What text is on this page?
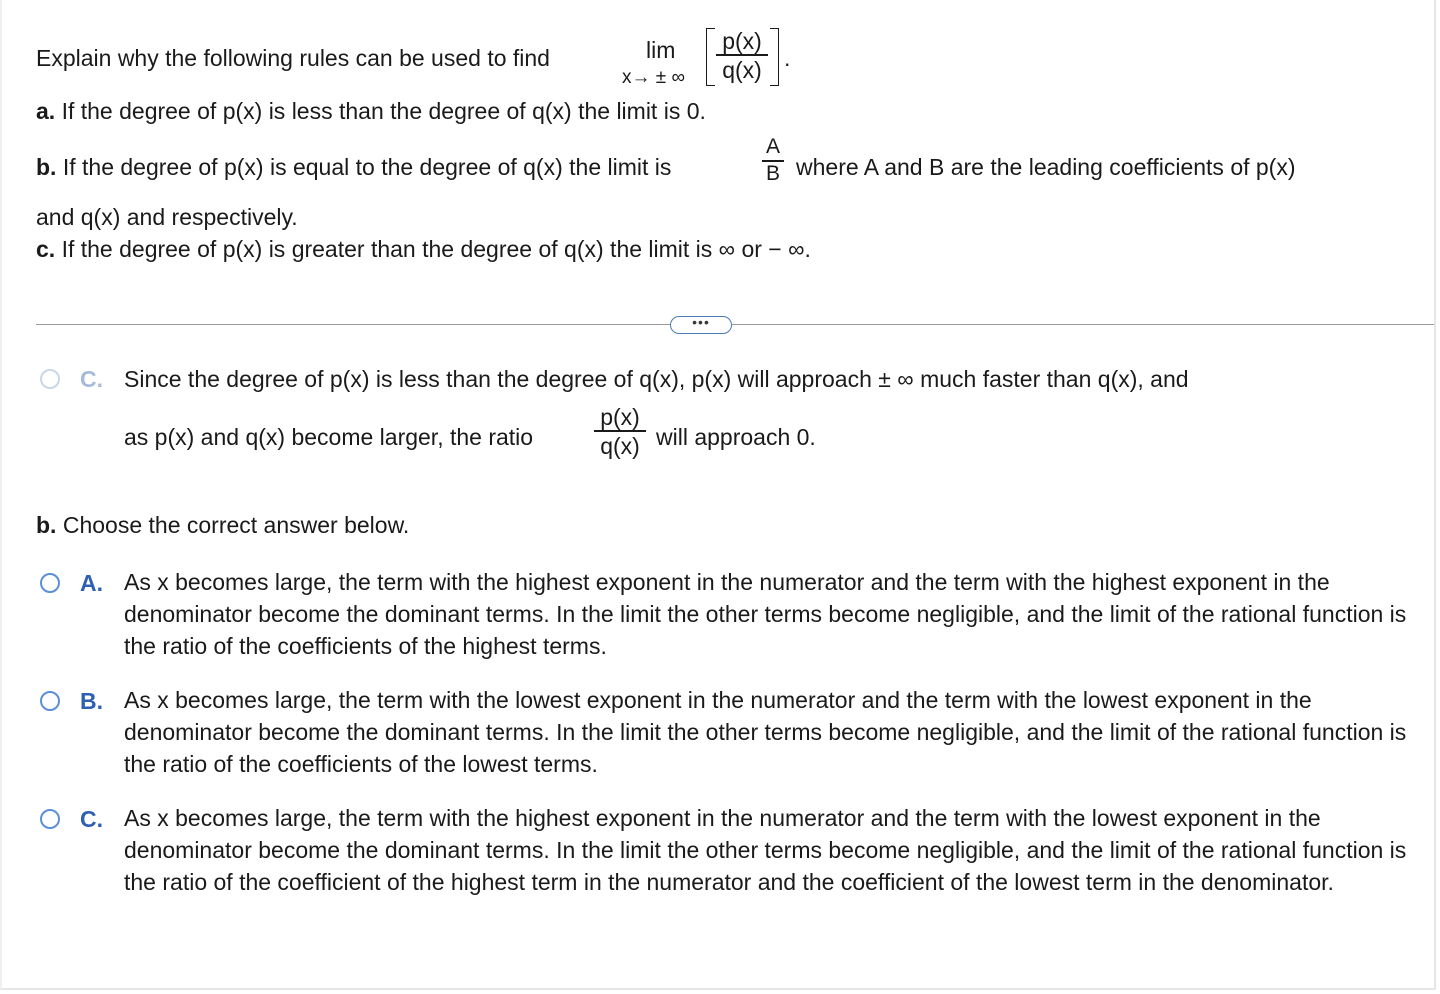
Explain why the following rules can be used to find	lim
x→ ± ∞
p(x)
q(x) .
a. If the degree of p(x) is less than the degree of q(x) the limit is 0.
b. If the degree of p(x) is equal to the degree of q(x) the limit is
A
B where A and B are the leading coefficients of p(x)
and q(x) and respectively.
c. If the degree of p(x) is greater than the degree of q(x) the limit is ∞ or − ∞.
•••
C. Since the degree of p(x) is less than the degree of q(x), p(x) will approach ± ∞ much faster than q(x), and
as p(x) and q(x) become larger, the ratio
p(x)
q(x) will approach 0.
b. Choose the correct answer below.
A. As x becomes large, the term with the highest exponent in the numerator and the term with the highest exponent in the denominator become the dominant terms. In the limit the other terms become negligible, and the limit of the rational function is the ratio of the coefficients of the highest terms.
B. As x becomes large, the term with the lowest exponent in the numerator and the term with the lowest exponent in the denominator become the dominant terms. In the limit the other terms become negligible, and the limit of the rational function is the ratio of the coefficients of the lowest terms.
C. As x becomes large, the term with the highest exponent in the numerator and the term with the lowest exponent in the denominator become the dominant terms. In the limit the other terms become negligible, and the limit of the rational function is the ratio of the coefficient of the highest term in the numerator and the coefficient of the lowest term in the denominator.
